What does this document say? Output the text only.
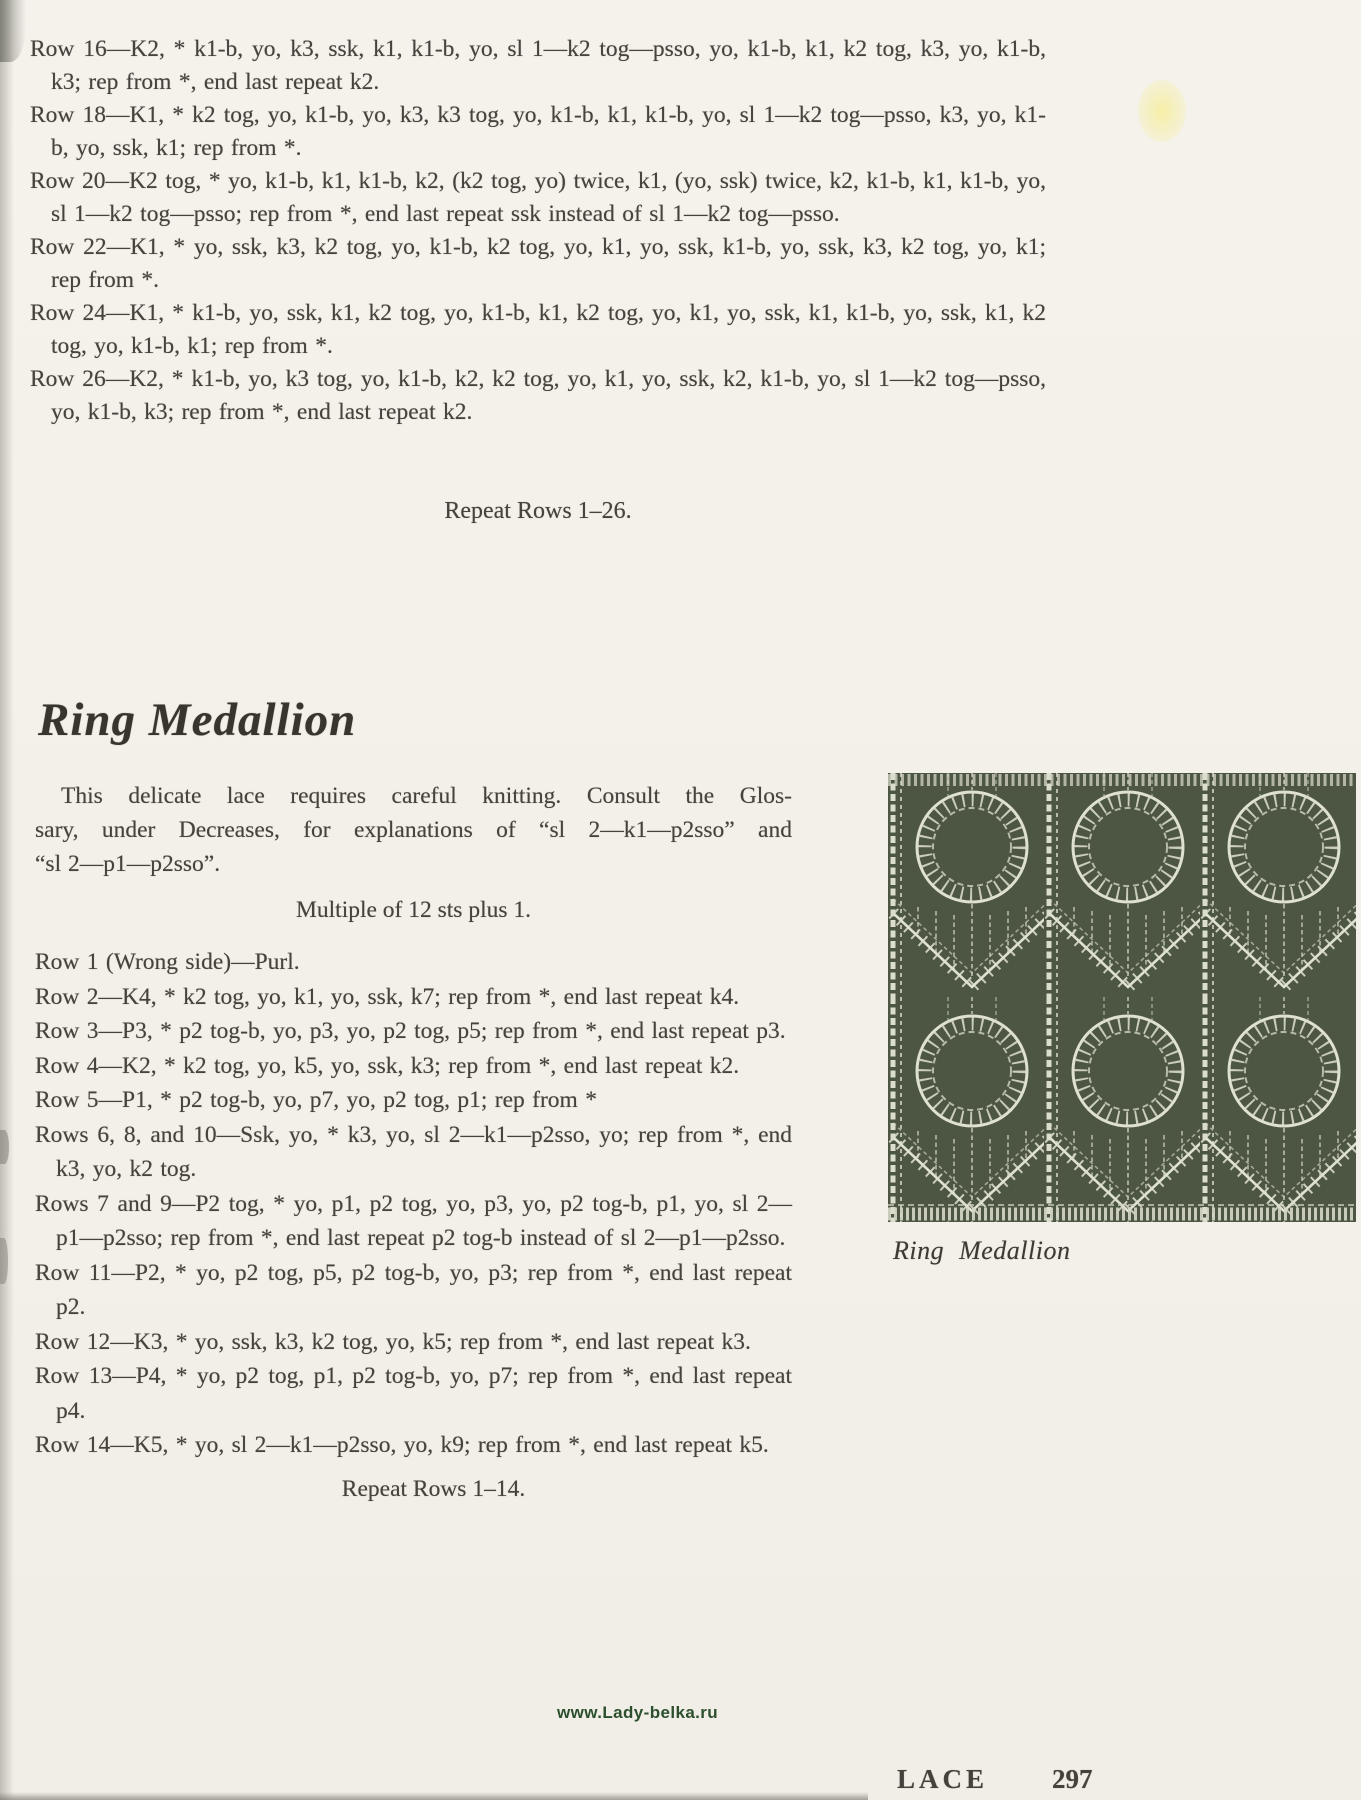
Row 16—K2, * k1-b, yo, k3, ssk, k1, k1-b, yo, sl 1—k2 tog—psso, yo, k1-b, k1, k2 tog, k3, yo, k1-b, k3; rep from *, end last repeat k2.

Row 18—K1, * k2 tog, yo, k1-b, yo, k3, k3 tog, yo, k1-b, k1, k1-b, yo, sl 1—k2 tog—psso, k3, yo, k1-b, yo, ssk, k1; rep from *.

Row 20—K2 tog, * yo, k1-b, k1, k1-b, k2, (k2 tog, yo) twice, k1, (yo, ssk) twice, k2, k1-b, k1, k1-b, yo, sl 1—k2 tog—psso; rep from *, end last repeat ssk instead of sl 1—k2 tog—psso.

Row 22—K1, * yo, ssk, k3, k2 tog, yo, k1-b, k2 tog, yo, k1, yo, ssk, k1-b, yo, ssk, k3, k2 tog, yo, k1; rep from *.

Row 24—K1, * k1-b, yo, ssk, k1, k2 tog, yo, k1-b, k1, k2 tog, yo, k1, yo, ssk, k1, k1-b, yo, ssk, k1, k2 tog, yo, k1-b, k1; rep from *.

Row 26—K2, * k1-b, yo, k3 tog, yo, k1-b, k2, k2 tog, yo, k1, yo, ssk, k2, k1-b, yo, sl 1—k2 tog—psso, yo, k1-b, k3; rep from *, end last repeat k2.

Repeat Rows 1–26.
Ring Medallion
This delicate lace requires careful knitting. Consult the Glos-
sary, under Decreases, for explanations of “sl 2—k1—p2sso” and
“sl 2—p1—p2sso”.
Multiple of 12 sts plus 1.

Row 1 (Wrong side)—Purl.

Row 2—K4, * k2 tog, yo, k1, yo, ssk, k7; rep from *, end last repeat k4.

Row 3—P3, * p2 tog-b, yo, p3, yo, p2 tog, p5; rep from *, end last repeat p3.

Row 4—K2, * k2 tog, yo, k5, yo, ssk, k3; rep from *, end last repeat k2.

Row 5—P1, * p2 tog-b, yo, p7, yo, p2 tog, p1; rep from *

Rows 6, 8, and 10—Ssk, yo, * k3, yo, sl 2—k1—p2sso, yo; rep from *, end k3, yo, k2 tog.

Rows 7 and 9—P2 tog, * yo, p1, p2 tog, yo, p3, yo, p2 tog-b, p1, yo, sl 2—p1—p2sso; rep from *, end last repeat p2 tog-b instead of sl 2—p1—p2sso.

Row 11—P2, * yo, p2 tog, p5, p2 tog-b, yo, p3; rep from *, end last repeat p2.

Row 12—K3, * yo, ssk, k3, k2 tog, yo, k5; rep from *, end last repeat k3.

Row 13—P4, * yo, p2 tog, p1, p2 tog-b, yo, p7; rep from *, end last repeat p4.

Row 14—K5, * yo, sl 2—k1—p2sso, yo, k9; rep from *, end last repeat k5.

Repeat Rows 1–14.
Ring Medallion
www.Lady-belka.ru
LACE 297
